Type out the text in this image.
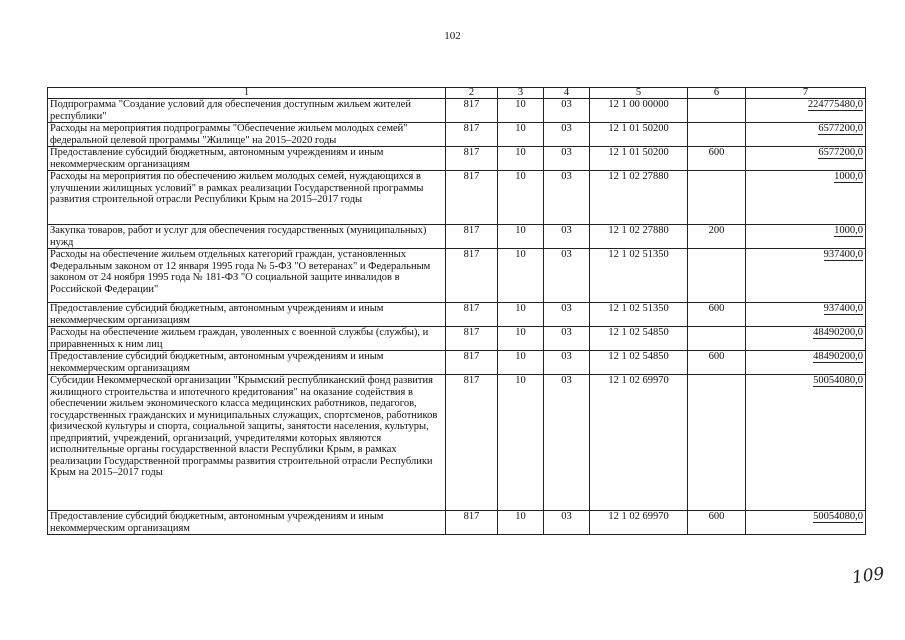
102
1	2	3	4	5	6	7
Подпрограмма "Создание условий для обеспечения доступным жильем жителей республики"	817	10	03	12 1 00 00000		224775480,0
Расходы на мероприятия подпрограммы "Обеспечение жильем молодых семей" федеральной целевой программы "Жилище" на 2015–2020 годы	817	10	03	12 1 01 50200		6577200,0
Предоставление субсидий бюджетным, автономным учреждениям и иным некоммерческим организациям	817	10	03	12 1 01 50200	600	6577200,0
Расходы на мероприятия по обеспечению жильем молодых семей, нуждающихся в улучшении жилищных условий" в рамках реализации Государственной программы развития строительной отрасли Республики Крым на 2015–2017 годы	817	10	03	12 1 02 27880		1000,0
Закупка товаров, работ и услуг для обеспечения государственных (муниципальных) нужд	817	10	03	12 1 02 27880	200	1000,0
Расходы на обеспечение жильем отдельных категорий граждан, установленных Федеральным законом от 12 января 1995 года № 5-ФЗ "О ветеранах" и Федеральным законом от 24 ноября 1995 года № 181-ФЗ "О социальной защите инвалидов в Российской Федерации"	817	10	03	12 1 02 51350		937400,0
Предоставление субсидий бюджетным, автономным учреждениям и иным некоммерческим организациям	817	10	03	12 1 02 51350	600	937400,0
Расходы на обеспечение жильем граждан, уволенных с военной службы (службы), и приравненных к ним лиц	817	10	03	12 1 02 54850		48490200,0
Предоставление субсидий бюджетным, автономным учреждениям и иным некоммерческим организациям	817	10	03	12 1 02 54850	600	48490200,0
Субсидии Некоммерческой организации "Крымский республиканский фонд развития жилищного строительства и ипотечного кредитования" на оказание содействия в обеспечении жильем экономического класса медицинских работников, педагогов, государственных гражданских и муниципальных служащих, спортсменов, работников физической культуры и спорта, социальной защиты, занятости населения, культуры, предприятий, учреждений, организаций, учредителями которых являются исполнительные органы государственной власти Республики Крым, в рамках реализации Государственной программы развития строительной отрасли Республики Крым на 2015–2017 годы	817	10	03	12 1 02 69970		50054080,0
Предоставление субсидий бюджетным, автономным учреждениям и иным некоммерческим организациям	817	10	03	12 1 02 69970	600	50054080,0
109
